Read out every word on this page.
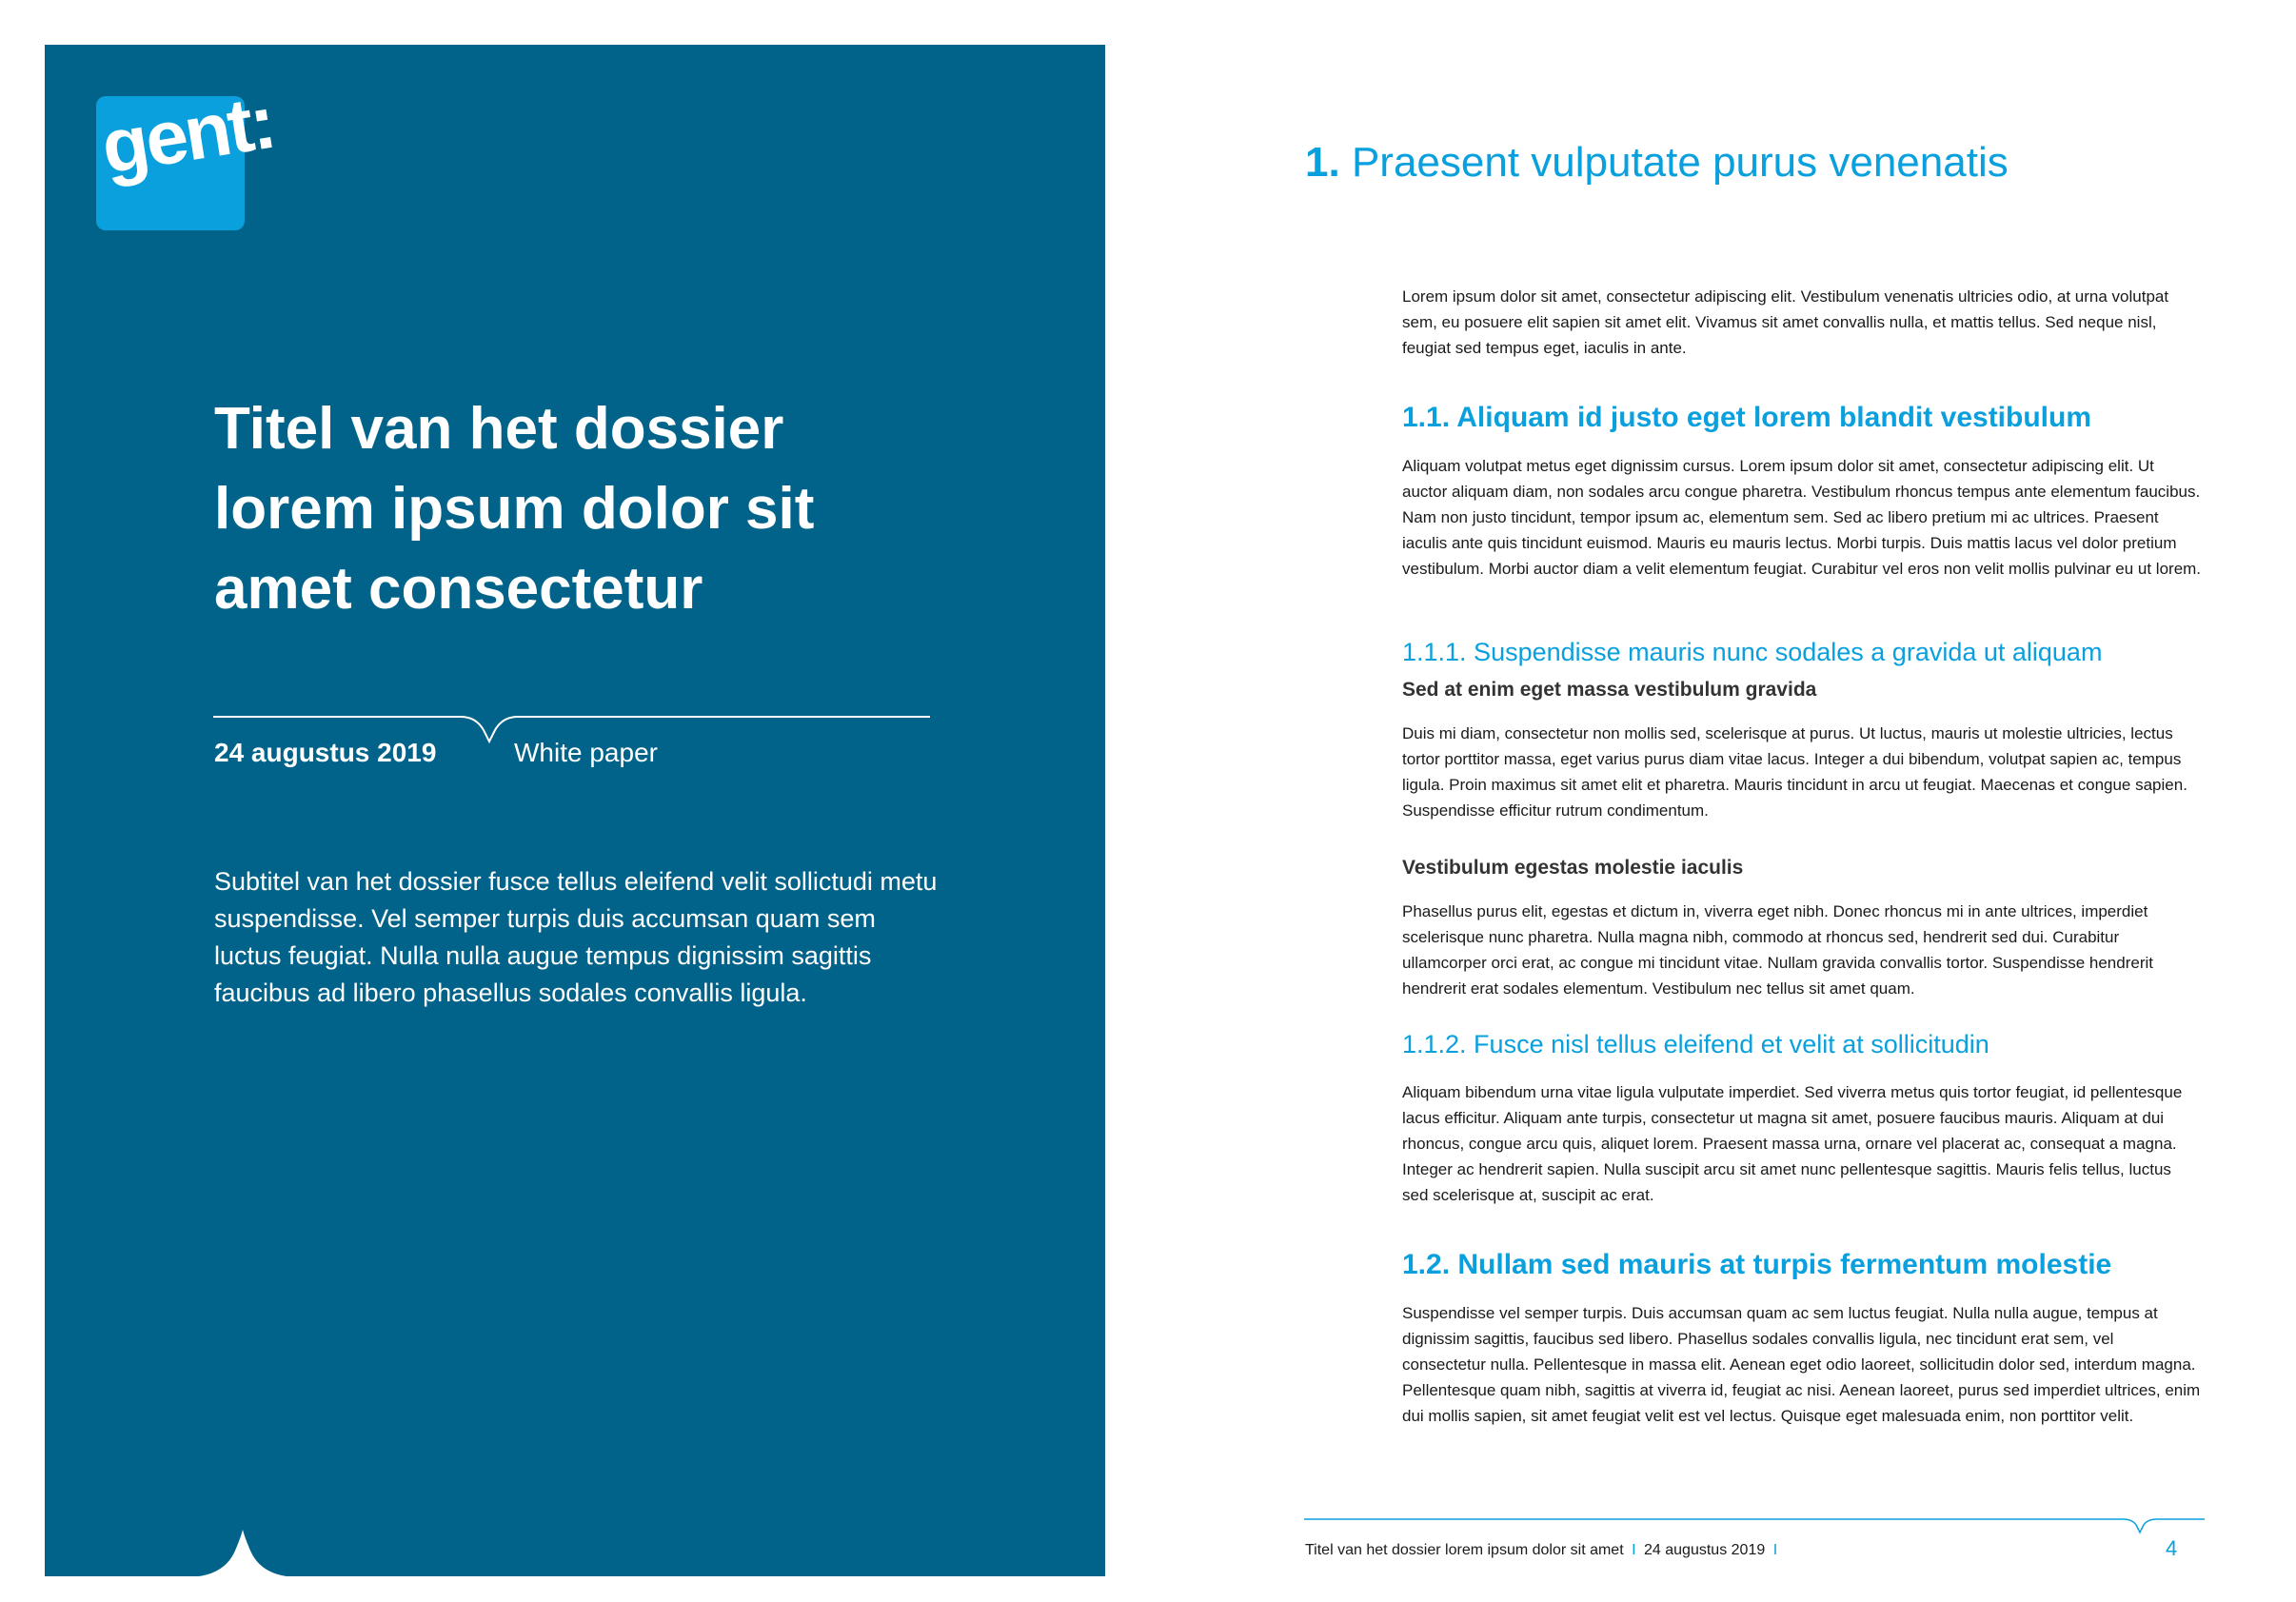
gent:
Titel van het dossier lorem ipsum dolor sit amet consectetur
24 augustus 2019	White paper

Subtitel van het dossier fusce tellus eleifend velit sollictudi metu suspendisse. Vel semper turpis duis accumsan quam sem luctus feugiat. Nulla nulla augue tempus dignissim sagittis faucibus ad libero phasellus sodales convallis ligula.

1. Praesent vulputate purus venenatis

Lorem ipsum dolor sit amet, consectetur adipiscing elit. Vestibulum venenatis ultricies odio, at urna volutpat sem, eu posuere elit sapien sit amet elit. Vivamus sit amet convallis nulla, et mattis tellus. Sed neque nisl, feugiat sed tempus eget, iaculis in ante.

1.1. Aliquam id justo eget lorem blandit vestibulum

Aliquam volutpat metus eget dignissim cursus. Lorem ipsum dolor sit amet, consectetur adipiscing elit. Ut auctor aliquam diam, non sodales arcu congue pharetra. Vestibulum rhoncus tempus ante elementum faucibus. Nam non justo tincidunt, tempor ipsum ac, elementum sem. Sed ac libero pretium mi ac ultrices. Praesent iaculis ante quis tincidunt euismod. Mauris eu mauris lectus. Morbi turpis. Duis mattis lacus vel dolor pretium vestibulum. Morbi auctor diam a velit elementum feugiat. Curabitur vel eros non velit mollis pulvinar eu ut lorem.

1.1.1. Suspendisse mauris nunc sodales a gravida ut aliquam
Sed at enim eget massa vestibulum gravida

Duis mi diam, consectetur non mollis sed, scelerisque at purus. Ut luctus, mauris ut molestie ultricies, lectus tortor porttitor massa, eget varius purus diam vitae lacus. Integer a dui bibendum, volutpat sapien ac, tempus ligula. Proin maximus sit amet elit et pharetra. Mauris tincidunt in arcu ut feugiat. Maecenas et congue sapien. Suspendisse efficitur rutrum condimentum.

Vestibulum egestas molestie iaculis

Phasellus purus elit, egestas et dictum in, viverra eget nibh. Donec rhoncus mi in ante ultrices, imperdiet scelerisque nunc pharetra. Nulla magna nibh, commodo at rhoncus sed, hendrerit sed dui. Curabitur ullamcorper orci erat, ac congue mi tincidunt vitae. Nullam gravida convallis tortor. Suspendisse hendrerit hendrerit erat sodales elementum. Vestibulum nec tellus sit amet quam.

1.1.2. Fusce nisl tellus eleifend et velit at sollicitudin

Aliquam bibendum urna vitae ligula vulputate imperdiet. Sed viverra metus quis tortor feugiat, id pellentesque lacus efficitur. Aliquam ante turpis, consectetur ut magna sit amet, posuere faucibus mauris. Aliquam at dui rhoncus, congue arcu quis, aliquet lorem. Praesent massa urna, ornare vel placerat ac, consequat a magna. Integer ac hendrerit sapien. Nulla suscipit arcu sit amet nunc pellentesque sagittis. Mauris felis tellus, luctus sed scelerisque at, suscipit ac erat.

1.2. Nullam sed mauris at turpis fermentum molestie

Suspendisse vel semper turpis. Duis accumsan quam ac sem luctus feugiat. Nulla nulla augue, tempus at dignissim sagittis, faucibus sed libero. Phasellus sodales convallis ligula, nec tincidunt erat sem, vel consectetur nulla. Pellentesque in massa elit. Aenean eget odio laoreet, sollicitudin dolor sed, interdum magna. Pellentesque quam nibh, sagittis at viverra id, feugiat ac nisi. Aenean laoreet, purus sed imperdiet ultrices, enim dui mollis sapien, sit amet feugiat velit est vel lectus. Quisque eget malesuada enim, non porttitor velit.

Titel van het dossier lorem ipsum dolor sit amet I 24 augustus 2019 I	4
